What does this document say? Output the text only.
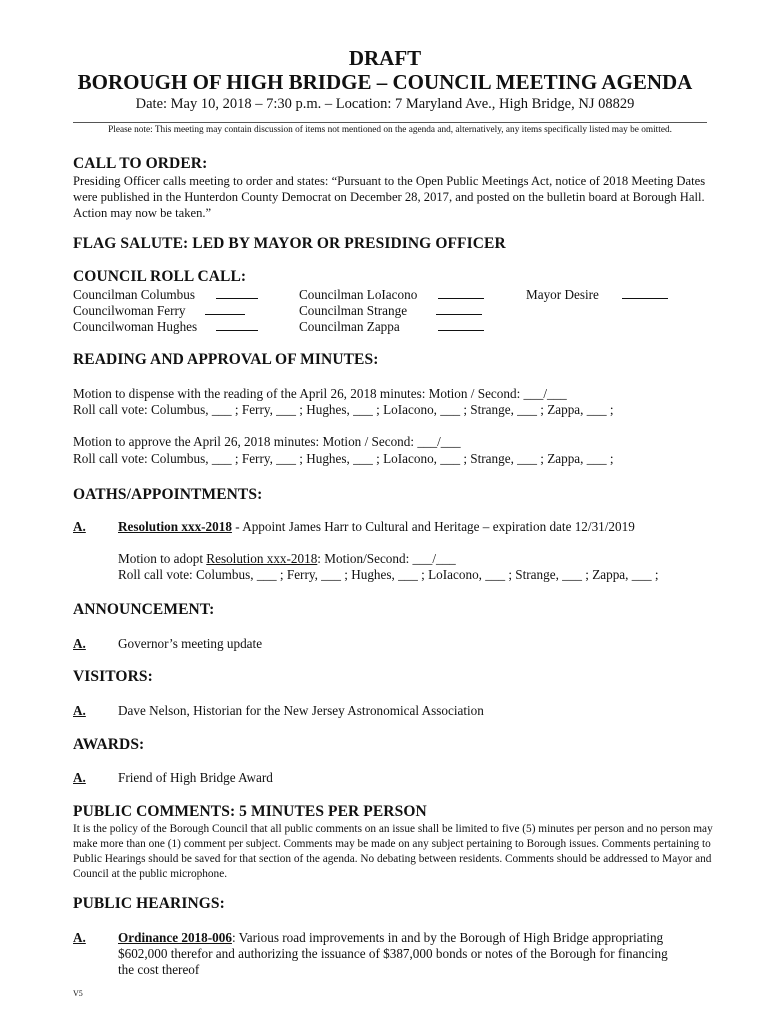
DRAFT
BOROUGH OF HIGH BRIDGE – COUNCIL MEETING AGENDA
Date: May 10, 2018 – 7:30 p.m. – Location: 7 Maryland Ave., High Bridge, NJ 08829
Please note: This meeting may contain discussion of items not mentioned on the agenda and, alternatively, any items specifically listed may be omitted.
CALL TO ORDER:
Presiding Officer calls meeting to order and states: “Pursuant to the Open Public Meetings Act, notice of 2018 Meeting Dates were published in the Hunterdon County Democrat on December 28, 2017, and posted on the bulletin board at Borough Hall. Action may now be taken.”
FLAG SALUTE: LED BY MAYOR OR PRESIDING OFFICER
COUNCIL ROLL CALL:
Councilman Columbus
Councilwoman Ferry
Councilwoman Hughes
Councilman LoIacono
Councilman Strange
Councilman Zappa
Mayor Desire
READING AND APPROVAL OF MINUTES:
Motion to dispense with the reading of the April 26, 2018 minutes: Motion / Second: ___/___
Roll call vote: Columbus, ___ ; Ferry, ___ ; Hughes, ___ ; LoIacono, ___ ; Strange, ___ ; Zappa, ___ ;
Motion to approve the April 26, 2018 minutes: Motion / Second: ___/___
Roll call vote: Columbus, ___ ; Ferry, ___ ; Hughes, ___ ; LoIacono, ___ ; Strange, ___ ; Zappa, ___ ;
OATHS/APPOINTMENTS:
A. Resolution xxx-2018 - Appoint James Harr to Cultural and Heritage – expiration date 12/31/2019
Motion to adopt Resolution xxx-2018: Motion/Second: ___/___
Roll call vote: Columbus, ___ ; Ferry, ___ ; Hughes, ___ ; LoIacono, ___ ; Strange, ___ ; Zappa, ___ ;
ANNOUNCEMENT:
A. Governor’s meeting update
VISITORS:
A. Dave Nelson, Historian for the New Jersey Astronomical Association
AWARDS:
A. Friend of High Bridge Award
PUBLIC COMMENTS: 5 MINUTES PER PERSON
It is the policy of the Borough Council that all public comments on an issue shall be limited to five (5) minutes per person and no person may make more than one (1) comment per subject. Comments may be made on any subject pertaining to Borough issues. Comments pertaining to Public Hearings should be saved for that section of the agenda. No debating between residents. Comments should be addressed to Mayor and Council at the public microphone.
PUBLIC HEARINGS:
A. Ordinance 2018-006: Various road improvements in and by the Borough of High Bridge appropriating
$602,000 therefor and authorizing the issuance of $387,000 bonds or notes of the Borough for financing
the cost thereof
V5
